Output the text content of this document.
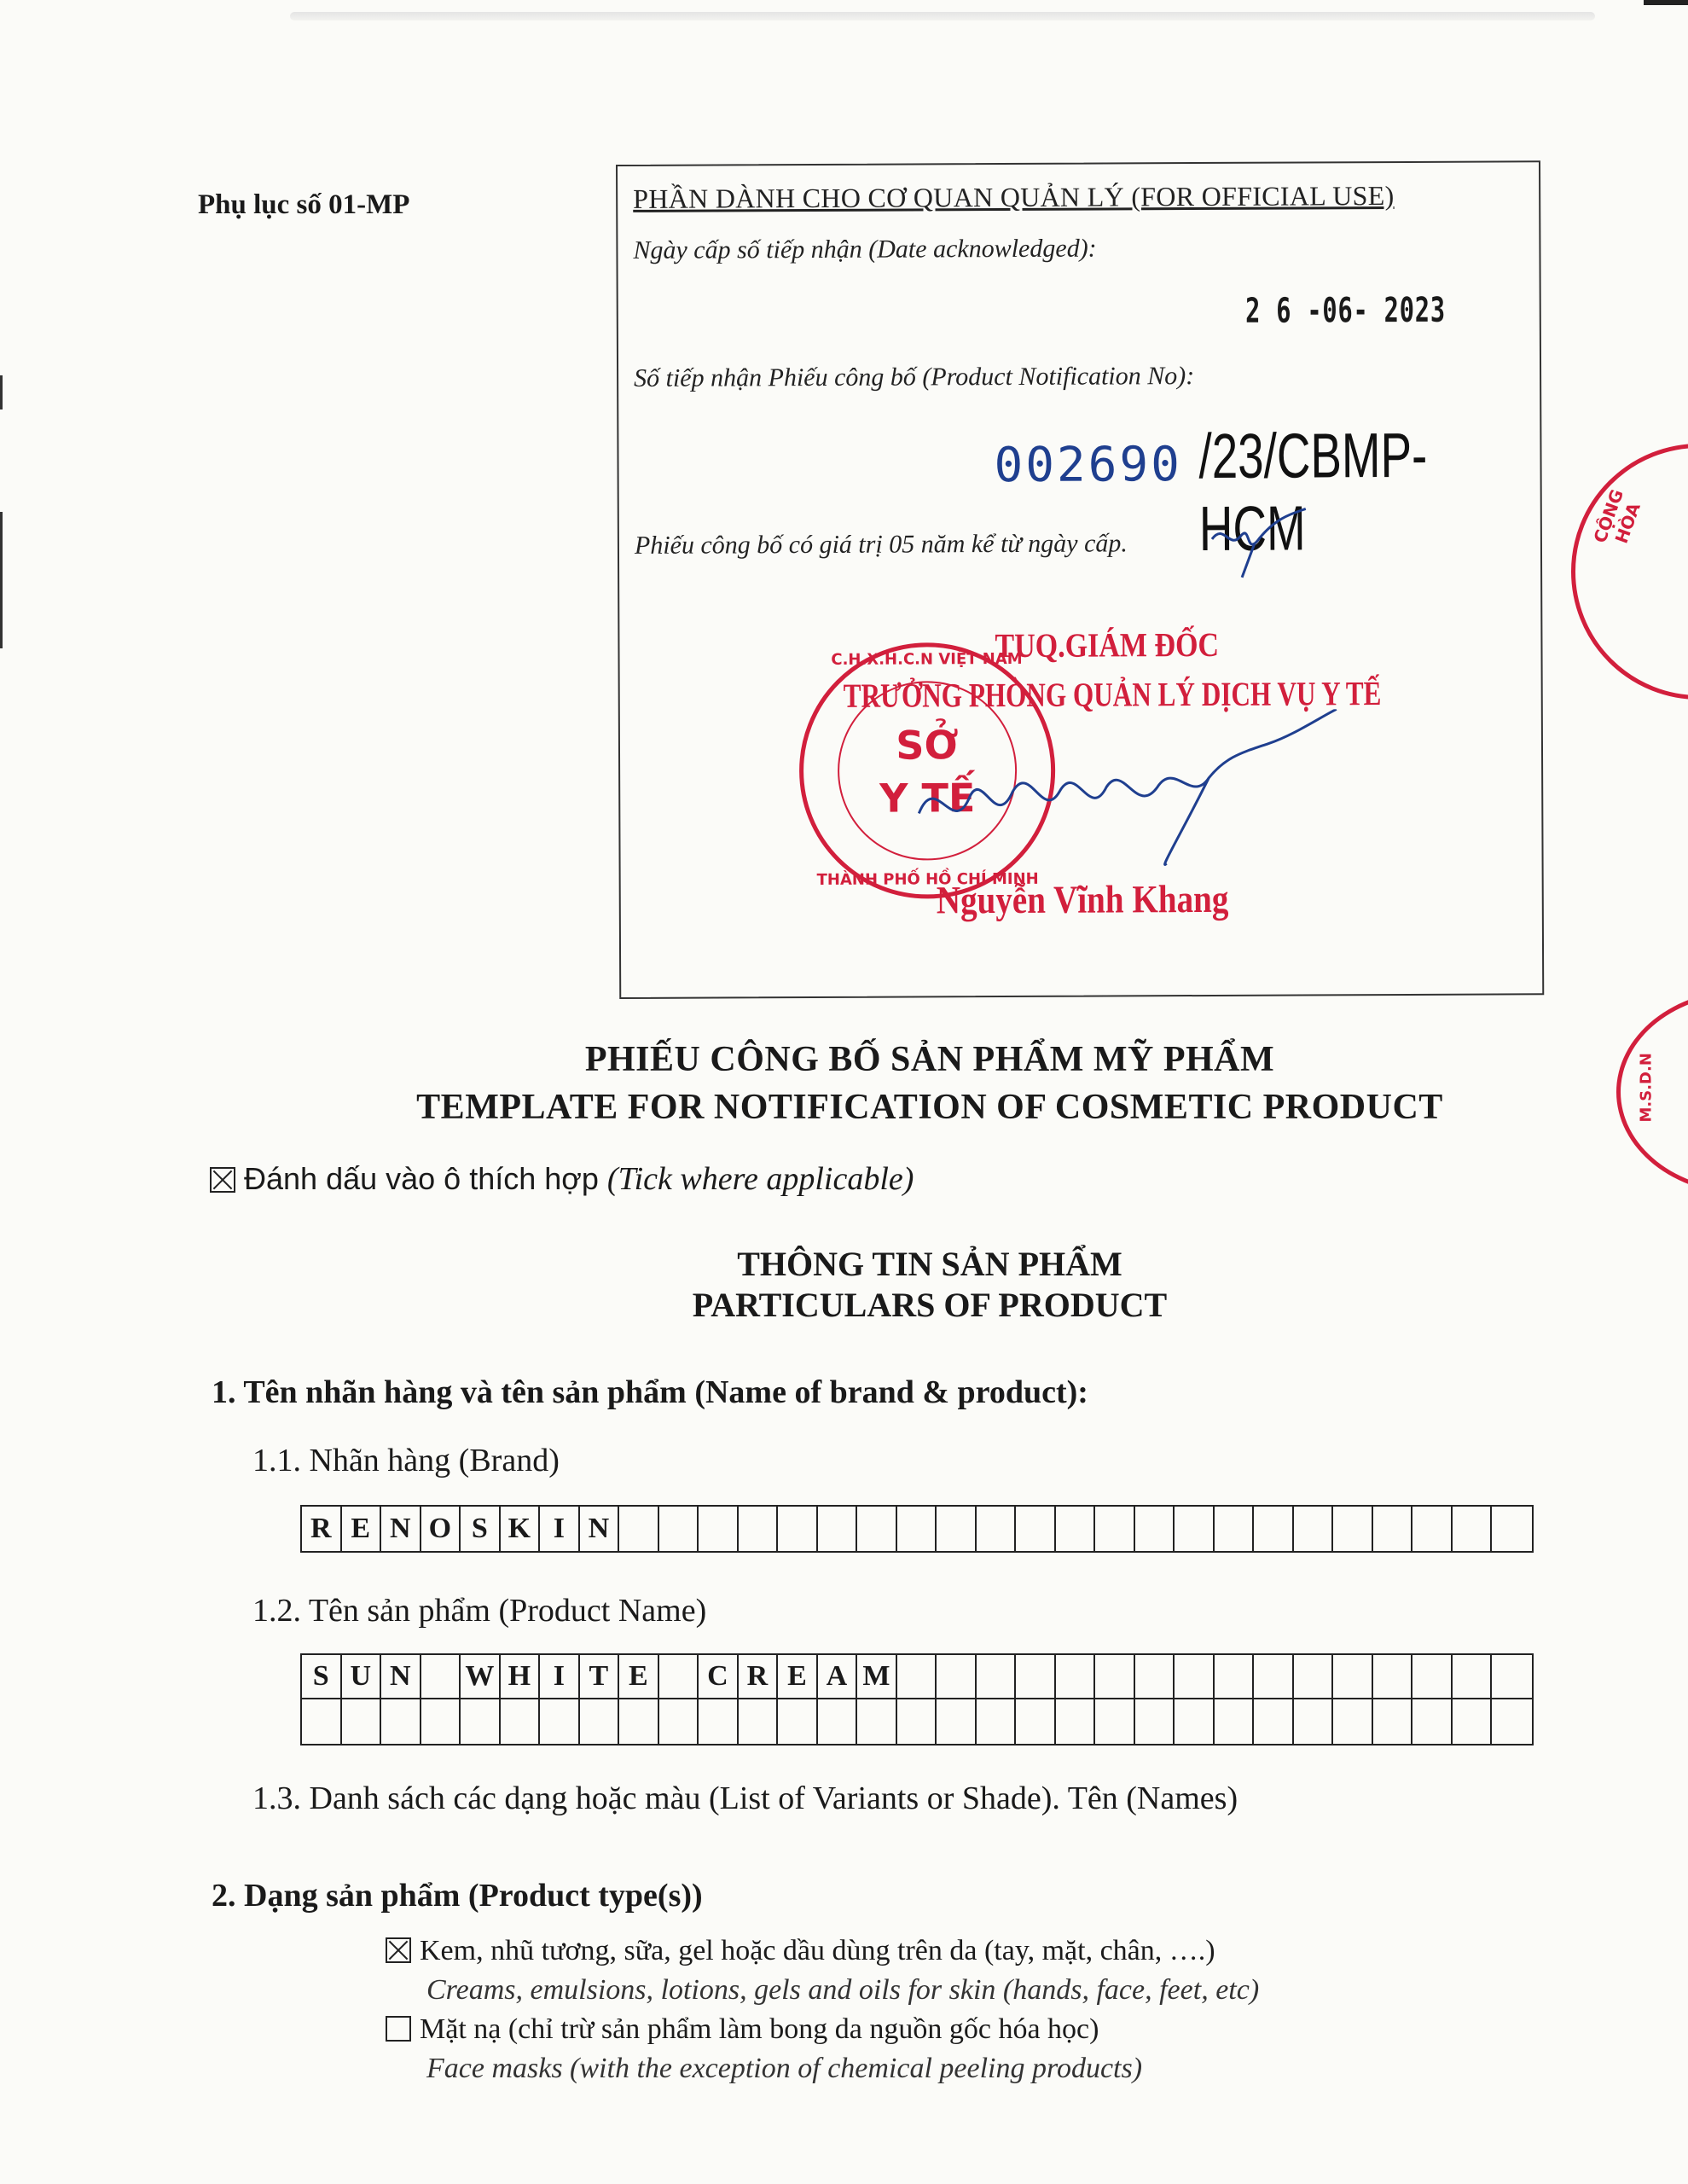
Phụ lục số 01-MP	PHẦN DÀNH CHO CƠ QUAN QUẢN LÝ (FOR OFFICIAL USE)
Ngày cấp số tiếp nhận (Date acknowledged):
2 6 -06- 2023
Số tiếp nhận Phiếu công bố (Product Notification No):
002690 /23/CBMP-HCM
Phiếu công bố có giá trị 05 năm kể từ ngày cấp.
C.H.X.H.C.N VIỆT NAM
SỞ
Y TẾ
THÀNH PHỐ HỒ CHÍ MINH
TUQ.GIÁM ĐỐC
TRƯỞNG PHÒNG QUẢN LÝ DỊCH VỤ Y TẾ
Nguyễn Vĩnh Khang
CỘNG HÒA
M.S.D.N
PHIẾU CÔNG BỐ SẢN PHẨM MỸ PHẨM
TEMPLATE FOR NOTIFICATION OF COSMETIC PRODUCT
Đánh dấu vào ô thích hợp (Tick where applicable)
THÔNG TIN SẢN PHẨM
PARTICULARS OF PRODUCT
1. Tên nhãn hàng và tên sản phẩm (Name of brand & product):
1.1. Nhãn hàng (Brand)
R E N O S K I N
1.2. Tên sản phẩm (Product Name)
S U N	W H I T E	C R E A M
1.3. Danh sách các dạng hoặc màu (List of Variants or Shade). Tên (Names)
2. Dạng sản phẩm (Product type(s))
Kem, nhũ tương, sữa, gel hoặc dầu dùng trên da (tay, mặt, chân, ….)
Creams, emulsions, lotions, gels and oils for skin (hands, face, feet, etc)
Mặt nạ (chỉ trừ sản phẩm làm bong da nguồn gốc hóa học)
Face masks (with the exception of chemical peeling products)
